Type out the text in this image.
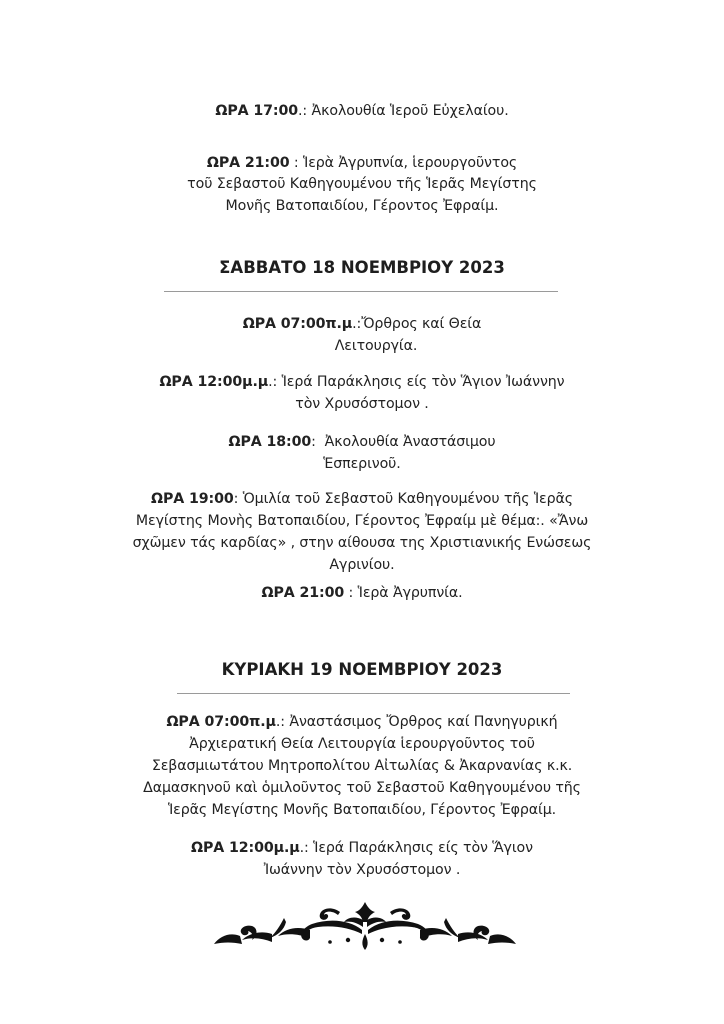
ΩΡΑ 17:00.: Ἀκολουθία Ἱεροῦ Εὐχελαίου.
ΩΡΑ 21:00 : Ἱερὰ Ἀγρυπνία, ἱερουργοῦντος
τοῦ Σεβαστοῦ Καθηγουμένου τῆς Ἱερᾶς Μεγίστης
Μονῆς Βατοπαιδίου, Γέροντος Ἐφραίμ.
ΣΑΒΒΑΤΟ 18 ΝΟΕΜΒΡΙΟΥ 2023
ΩΡΑ 07:00π.μ.:Ὄρθρος καί Θεία
Λειτουργία.
ΩΡΑ 12:00μ.μ.: Ἱερά Παράκλησις είς τὸν Ἅγιον Ἰωάννην
τὸν Χρυσόστομον .
ΩΡΑ 18:00:  Ἀκολουθία Ἀναστάσιμου
Ἑσπερινοῦ.
ΩΡΑ 19:00: Ὁμιλία τοῦ Σεβαστοῦ Καθηγουμένου τῆς Ἱερᾶς
Μεγίστης Μονὴς Βατοπαιδίου, Γέροντος Ἐφραίμ μὲ θέμα:. «Ἄνω
σχῶμεν τάς καρδίας» , στην αίθουσα της Χριστιανικής Ενώσεως
Αγρινίου.
ΩΡΑ 21:00 : Ἱερὰ Ἀγρυπνία.
ΚΥΡΙΑΚΗ 19 ΝΟΕΜΒΡΙΟΥ 2023
ΩΡΑ 07:00π.μ.: Ἀναστάσιμος Ὄρθρος καί Πανηγυρική
Ἀρχιερατική Θεία Λειτουργία ἱερουργοῦντος τοῦ
Σεβασμιωτάτου Μητροπολίτου Αἰτωλίας & Ἀκαρνανίας κ.κ.
Δαμασκηνοῦ καὶ ὁμιλοῦντος τοῦ Σεβαστοῦ Καθηγουμένου τῆς
Ἱερᾶς Μεγίστης Μονῆς Βατοπαιδίου, Γέροντος Ἐφραίμ.
ΩΡΑ 12:00μ.μ.: Ἱερά Παράκλησις είς τὸν Ἅγιον
Ἰωάννην τὸν Χρυσόστομον .
